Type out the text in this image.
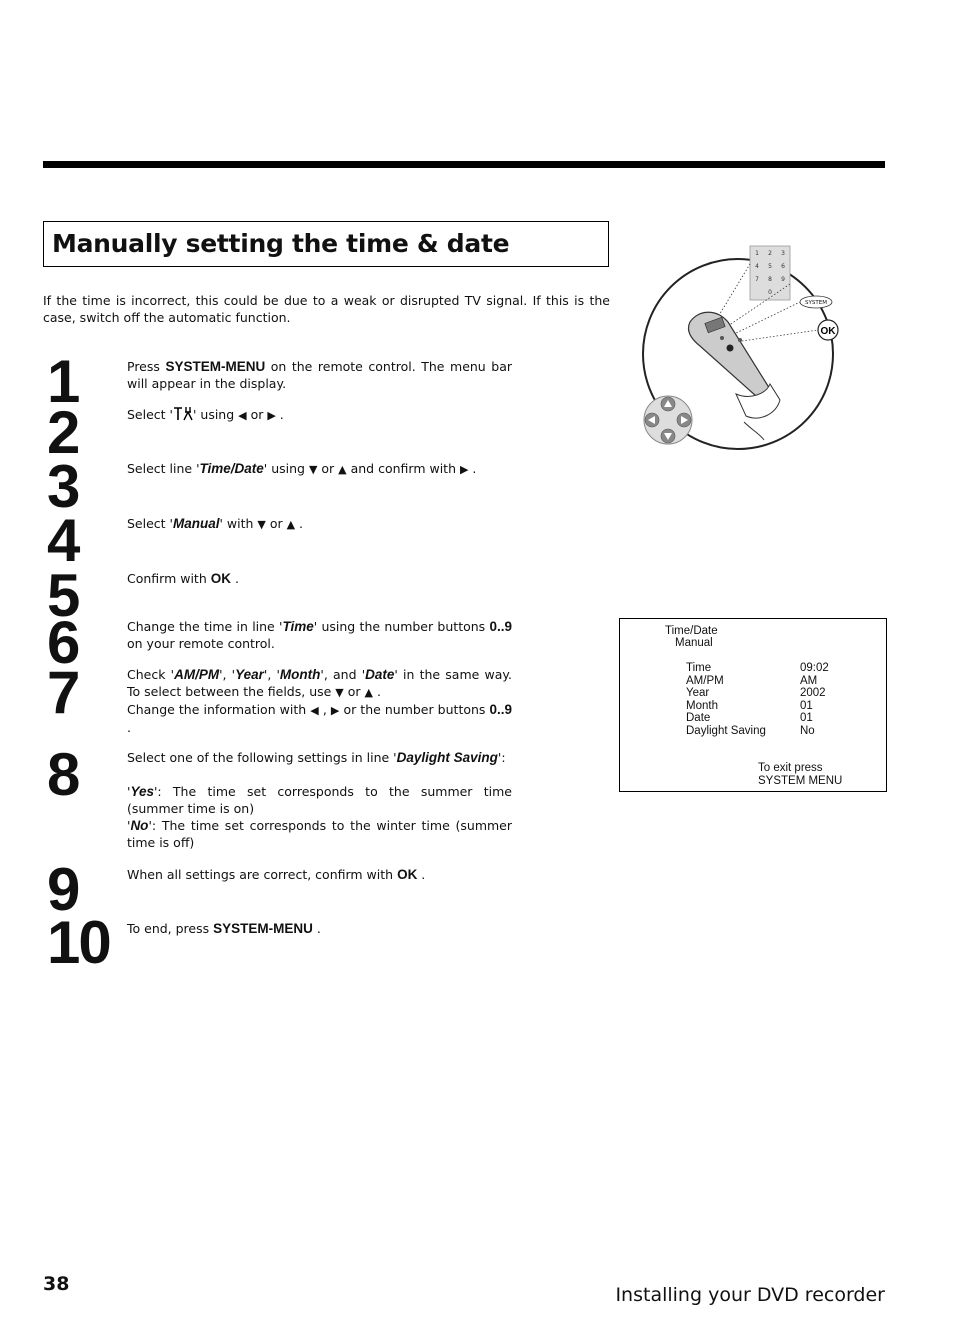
Manually setting the time & date
If the time is incorrect, this could be due to a weak or disrupted TV signal. If this is the case, switch off the automatic function.
1
2
3
4
5
6
7
8
9
10
Press SYSTEM-MENU on the remote control. The menu bar will appear in the display.
Select ' ' using ◀ or ▶ .
Select line 'Time/Date' using ▼ or ▲ and confirm with ▶ .
Select 'Manual' with ▼ or ▲ .
Confirm with OK .
Change the time in line 'Time' using the number buttons 0..9 on your remote control.

Check 'AM/PM', 'Year', 'Month', and 'Date' in the same way. To select between the fields, use ▼ or ▲ .

Change the information with ◀ , ▶ or the number buttons 0..9 .

Select one of the following settings in line 'Daylight Saving':

'Yes': The time set corresponds to the summer time (summer time is on)

'No': The time set corresponds to the winter time (summer time is off)

When all settings are correct, confirm with OK .
To end, press SYSTEM-MENU .
1 2 3
4 5 6
7 8 9
0
SYSTEM
OK
Time/Date
Manual
Time	09:02
AM/PM	AM
Year	2002
Month	01
Date	01
Daylight Saving	No
To exit press
SYSTEM MENU
38	Installing your DVD recorder
